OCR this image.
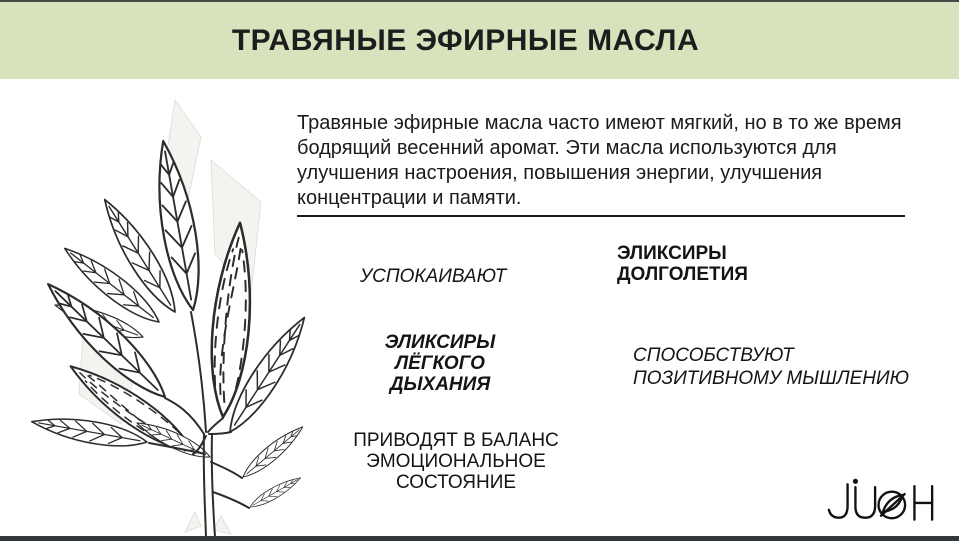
ТРАВЯНЫЕ ЭФИРНЫЕ МАСЛА
Травяные эфирные масла часто имеют мягкий, но в то же время
бодрящий весенний аромат. Эти масла используются для
улучшения настроения, повышения энергии, улучшения
концентрации и памяти.
УСПОКАИВАЮТ
ЭЛИКСИРЫ
ДОЛГОЛЕТИЯ
ЭЛИКСИРЫ ЛЁГКОГО
ДЫХАНИЯ
СПОСОБСТВУЮТ
ПОЗИТИВНОМУ МЫШЛЕНИЮ
ПРИВОДЯТ В БАЛАНС
ЭМОЦИОНАЛЬНОЕ СОСТОЯНИЕ
